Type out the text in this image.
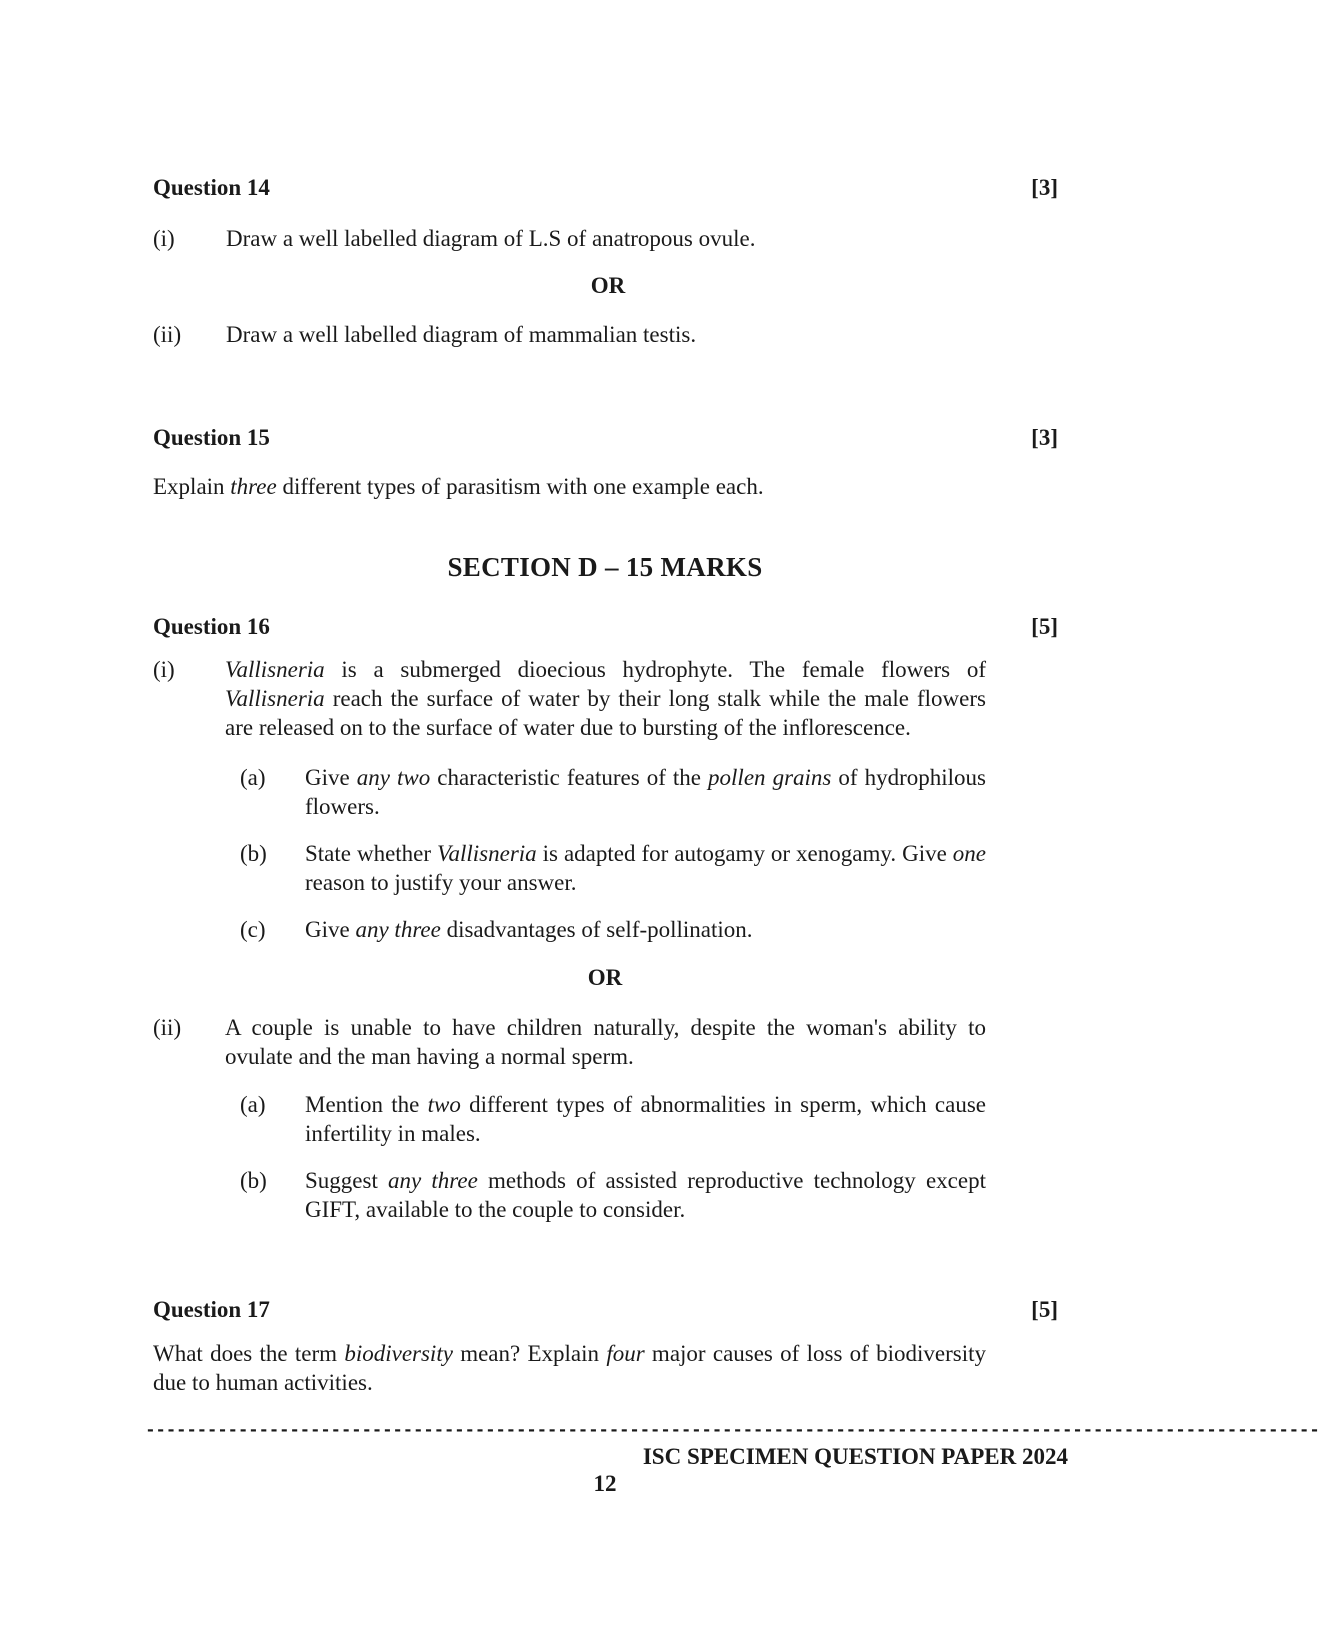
Question 14	[3]
(i) Draw a well labelled diagram of L.S of anatropous ovule.
OR
(ii) Draw a well labelled diagram of mammalian testis.
Question 15	[3]
Explain three different types of parasitism with one example each.
SECTION D – 15 MARKS
Question 16	[5]
(i) Vallisneria is a submerged dioecious hydrophyte. The female flowers of Vallisneria reach the surface of water by their long stalk while the male flowers are released on to the surface of water due to bursting of the inflorescence.
(a) Give any two characteristic features of the pollen grains of hydrophilous flowers.
(b) State whether Vallisneria is adapted for autogamy or xenogamy. Give one reason to justify your answer.
(c) Give any three disadvantages of self-pollination.
OR
(ii) A couple is unable to have children naturally, despite the woman's ability to ovulate and the man having a normal sperm.
(a) Mention the two different types of abnormalities in sperm, which cause infertility in males.
(b) Suggest any three methods of assisted reproductive technology except GIFT, available to the couple to consider.
Question 17	[5]
What does the term biodiversity mean? Explain four major causes of loss of biodiversity due to human activities.
------------------------------------------------------------------------------------------------------------------
ISC SPECIMEN QUESTION PAPER 2024
12
